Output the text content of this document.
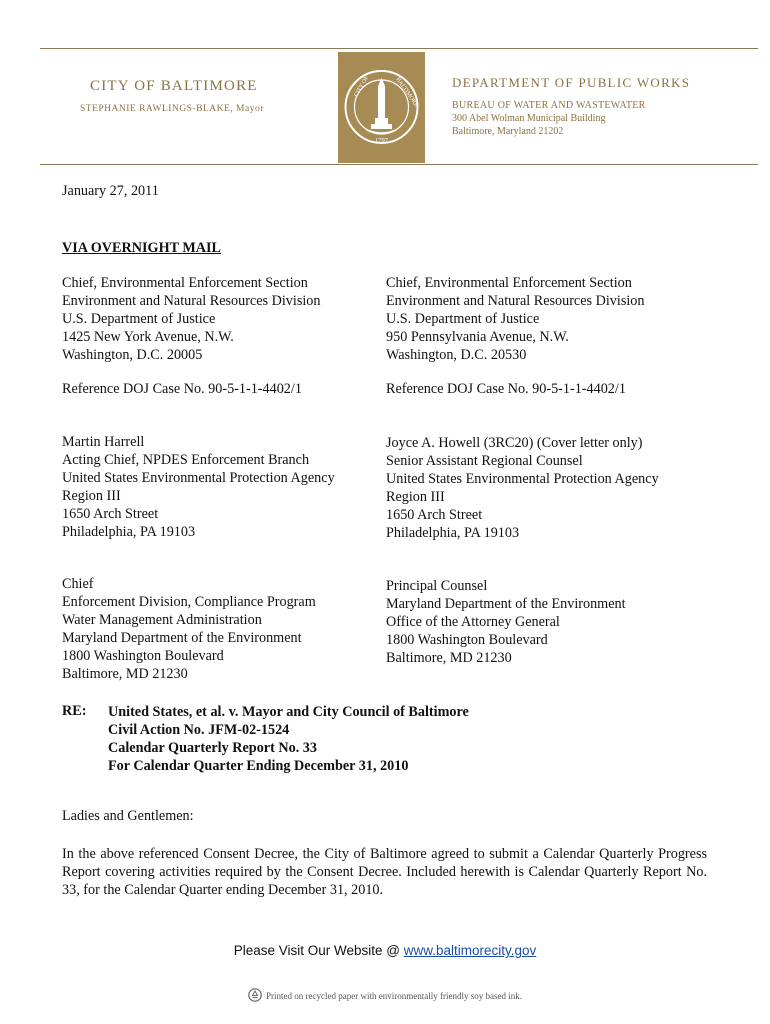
CITY OF BALTIMORE
STEPHANIE RAWLINGS-BLAKE, Mayor
CITY OF	BALTIMORE
1797
DEPARTMENT OF PUBLIC WORKS
BUREAU OF WATER AND WASTEWATER
300 Abel Wolman Municipal Building
Baltimore, Maryland 21202
January 27, 2011
VIA OVERNIGHT MAIL
Chief, Environmental Enforcement Section
Environment and Natural Resources Division
U.S. Department of Justice
1425 New York Avenue, N.W.
Washington, D.C. 20005
Chief, Environmental Enforcement Section
Environment and Natural Resources Division
U.S. Department of Justice
950 Pennsylvania Avenue, N.W.
Washington, D.C. 20530
Reference DOJ Case No. 90-5-1-1-4402/1	Reference DOJ Case No. 90-5-1-1-4402/1
Martin Harrell
Acting Chief, NPDES Enforcement Branch
United States Environmental Protection Agency
Region III
1650 Arch Street
Philadelphia, PA 19103
Joyce A. Howell (3RC20) (Cover letter only)
Senior Assistant Regional Counsel
United States Environmental Protection Agency
Region III
1650 Arch Street
Philadelphia, PA 19103
Chief
Enforcement Division, Compliance Program
Water Management Administration
Maryland Department of the Environment
1800 Washington Boulevard
Baltimore, MD 21230
Principal Counsel
Maryland Department of the Environment
Office of the Attorney General
1800 Washington Boulevard
Baltimore, MD 21230
RE: United States, et al. v. Mayor and City Council of Baltimore
Civil Action No. JFM-02-1524
Calendar Quarterly Report No. 33
For Calendar Quarter Ending December 31, 2010
Ladies and Gentlemen:
In the above referenced Consent Decree, the City of Baltimore agreed to submit a Calendar Quarterly Progress Report covering activities required by the Consent Decree. Included herewith is Calendar Quarterly Report No. 33, for the Calendar Quarter ending December 31, 2010.
Please Visit Our Website @ www.baltimorecity.gov
Printed on recycled paper with environmentally friendly soy based ink.
